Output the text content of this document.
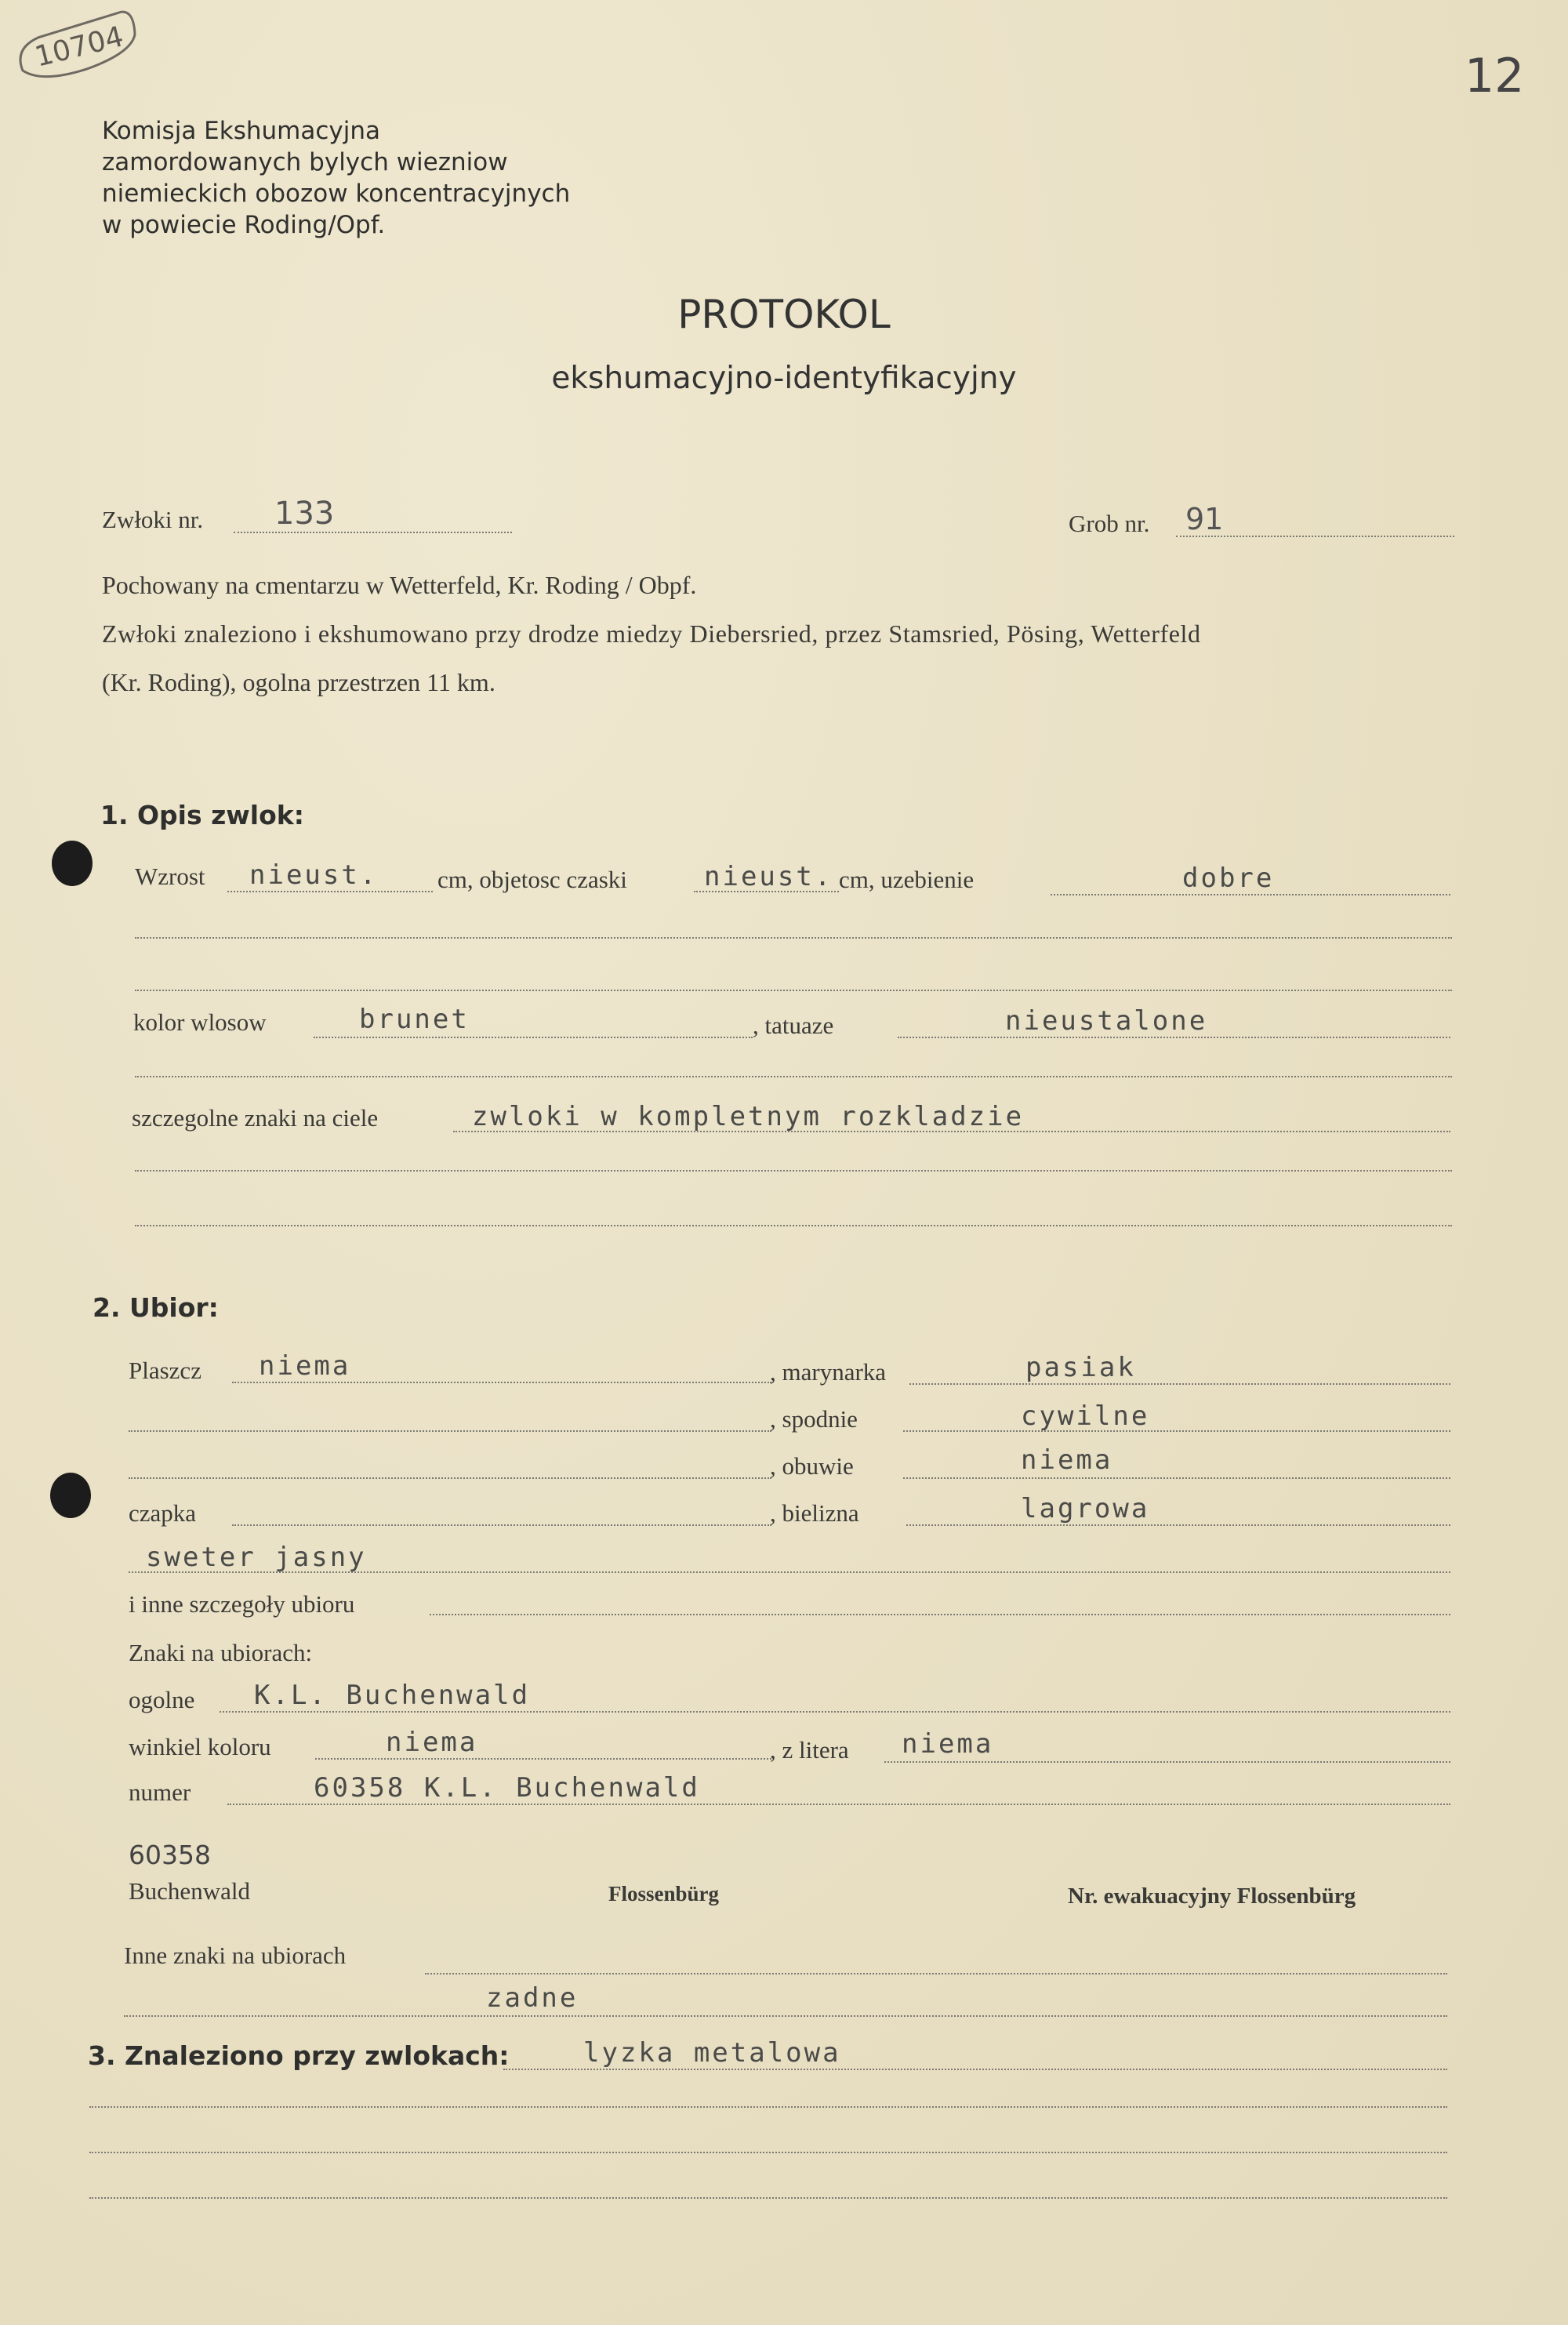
10704
12
Komisja Ekshumacyjna
zamordowanych bylych wiezniow
niemieckich obozow koncentracyjnych
w powiecie Roding/Opf.
PROTOKOL
ekshumacyjno-identyfikacyjny
Zwłoki nr. 133	Grob nr. 91
Pochowany na cmentarzu w Wetterfeld, Kr. Roding / Obpf.
Zwłoki znaleziono i ekshumowano przy drodze miedzy Diebersried, przez Stamsried, Pösing, Wetterfeld
(Kr. Roding), ogolna przestrzen 11 km.
1. Opis zwlok:
Wzrost nieust. cm, objetosc czaski	nieust. cm, uzebienie	dobre
kolor wlosow	brunet	, tatuaze	nieustalone
szczegolne znaki na ciele	zwloki w kompletnym rozkladzie
2. Ubior:
Plaszcz niema	, marynarka	pasiak
, spodnie	cywilne
, obuwie	niema
czapka	, bielizna	lagrowa
sweter jasny
i inne szczegoły ubioru
Znaki na ubiorach:
ogolne K.L. Buchenwald
winkiel koloru	niema	, z litera niema
numer	60358 K.L. Buchenwald
60358
Buchenwald	Flossenbürg	Nr. ewakuacyjny Flossenbürg
Inne znaki na ubiorach
zadne
3. Znaleziono przy zwlokach:	lyzka metalowa
